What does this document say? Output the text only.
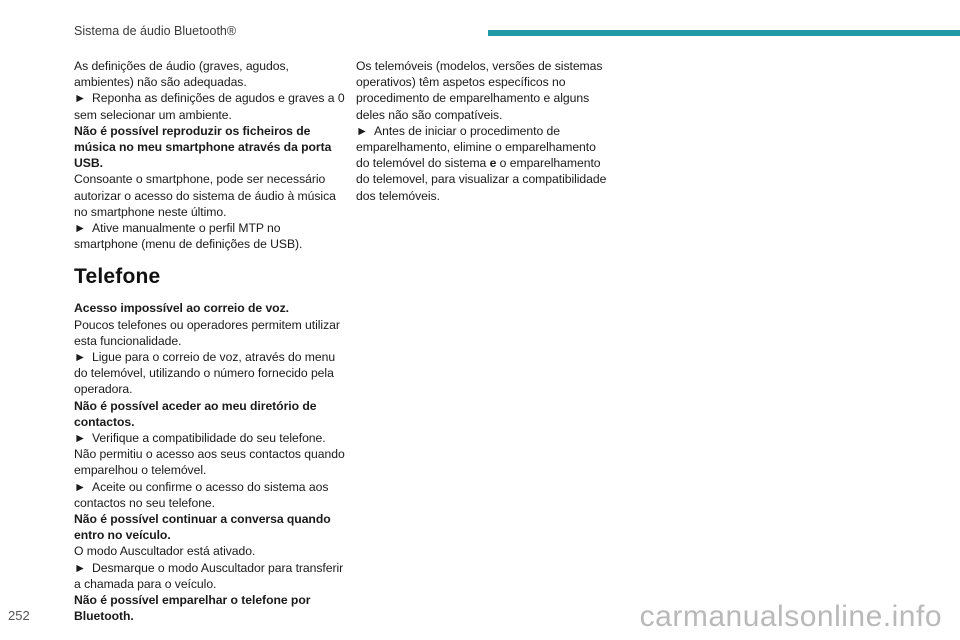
Sistema de áudio Bluetooth®

As definições de áudio (graves, agudos, ambientes) não são adequadas.

► Reponha as definições de agudos e graves a 0 sem selecionar um ambiente.

Não é possível reproduzir os ficheiros de música no meu smartphone através da porta USB.

Consoante o smartphone, pode ser necessário autorizar o acesso do sistema de áudio à música no smartphone neste último.

► Ative manualmente o perfil MTP no smartphone (menu de definições de USB).

Telefone

Acesso impossível ao correio de voz.

Poucos telefones ou operadores permitem utilizar esta funcionalidade.

► Ligue para o correio de voz, através do menu do telemóvel, utilizando o número fornecido pela operadora.

Não é possível aceder ao meu diretório de contactos.

► Verifique a compatibilidade do seu telefone.

Não permitiu o acesso aos seus contactos quando emparelhou o telemóvel.

► Aceite ou confirme o acesso do sistema aos contactos no seu telefone.

Não é possível continuar a conversa quando entro no veículo.

O modo Auscultador está ativado.

► Desmarque o modo Auscultador para transferir a chamada para o veículo.

Não é possível emparelhar o telefone por Bluetooth.

Os telemóveis (modelos, versões de sistemas operativos) têm aspetos específicos no procedimento de emparelhamento e alguns deles não são compatíveis.

► Antes de iniciar o procedimento de emparelhamento, elimine o emparelhamento do telemóvel do sistema e o emparelhamento do telemovel, para visualizar a compatibilidade dos telemóveis.

252	carmanualsonline.info
